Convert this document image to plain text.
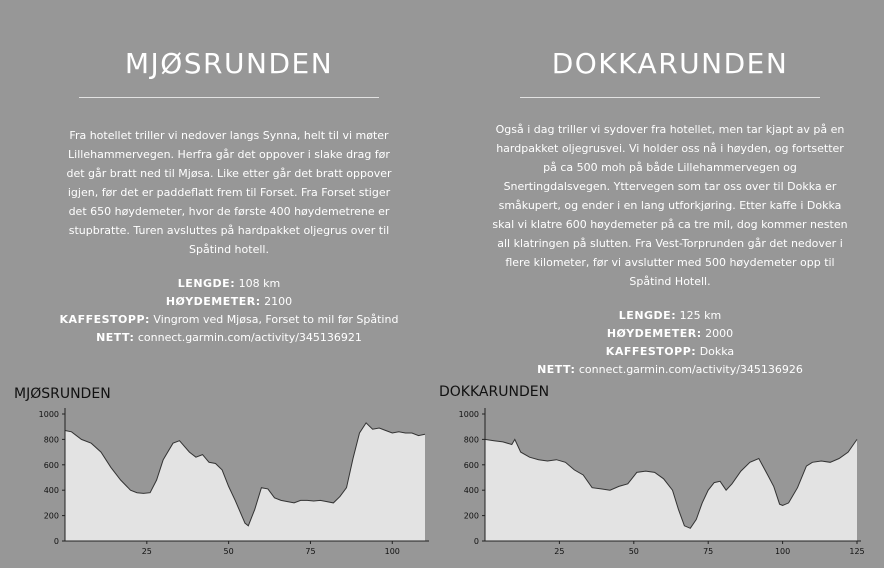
MJØSRUNDEN

Fra hotellet triller vi nedover langs Synna, helt til vi møter Lillehammervegen. Herfra går det oppover i slake drag før det går bratt ned til Mjøsa. Like etter går det bratt oppover igjen, før det er paddeflatt frem til Forset. Fra Forset stiger det 650 høydemeter, hvor de første 400 høydemetrene er stupbratte. Turen avsluttes på hardpakket oljegrus over til Spåtind hotell.

LENGDE: 108 km
HØYDEMETER: 2100
KAFFESTOPP: Vingrom ved Mjøsa, Forset to mil før Spåtind
NETT: connect.garmin.com/activity/345136921
DOKKARUNDEN

Også i dag triller vi sydover fra hotellet, men tar kjapt av på en hardpakket oljegrusvei. Vi holder oss nå i høyden, og fortsetter på ca 500 moh på både Lillehammervegen og Snertingdalsvegen. Yttervegen som tar oss over til Dokka er småkupert, og ender i en lang utforkjøring. Etter kaffe i Dokka skal vi klatre 600 høydemeter på ca tre mil, dog kommer nesten all klatringen på slutten. Fra Vest-Torprunden går det nedover i flere kilometer, før vi avslutter med 500 høydemeter opp til Spåtind Hotell.

LENGDE: 125 km
HØYDEMETER: 2000
KAFFESTOPP: Dokka
NETT: connect.garmin.com/activity/345136926
MJØSRUNDEN
0
200
400
600
800
1000
25	50	75	100
DOKKARUNDEN
0
200
400
600
800
1000
25	50	75	100	125
